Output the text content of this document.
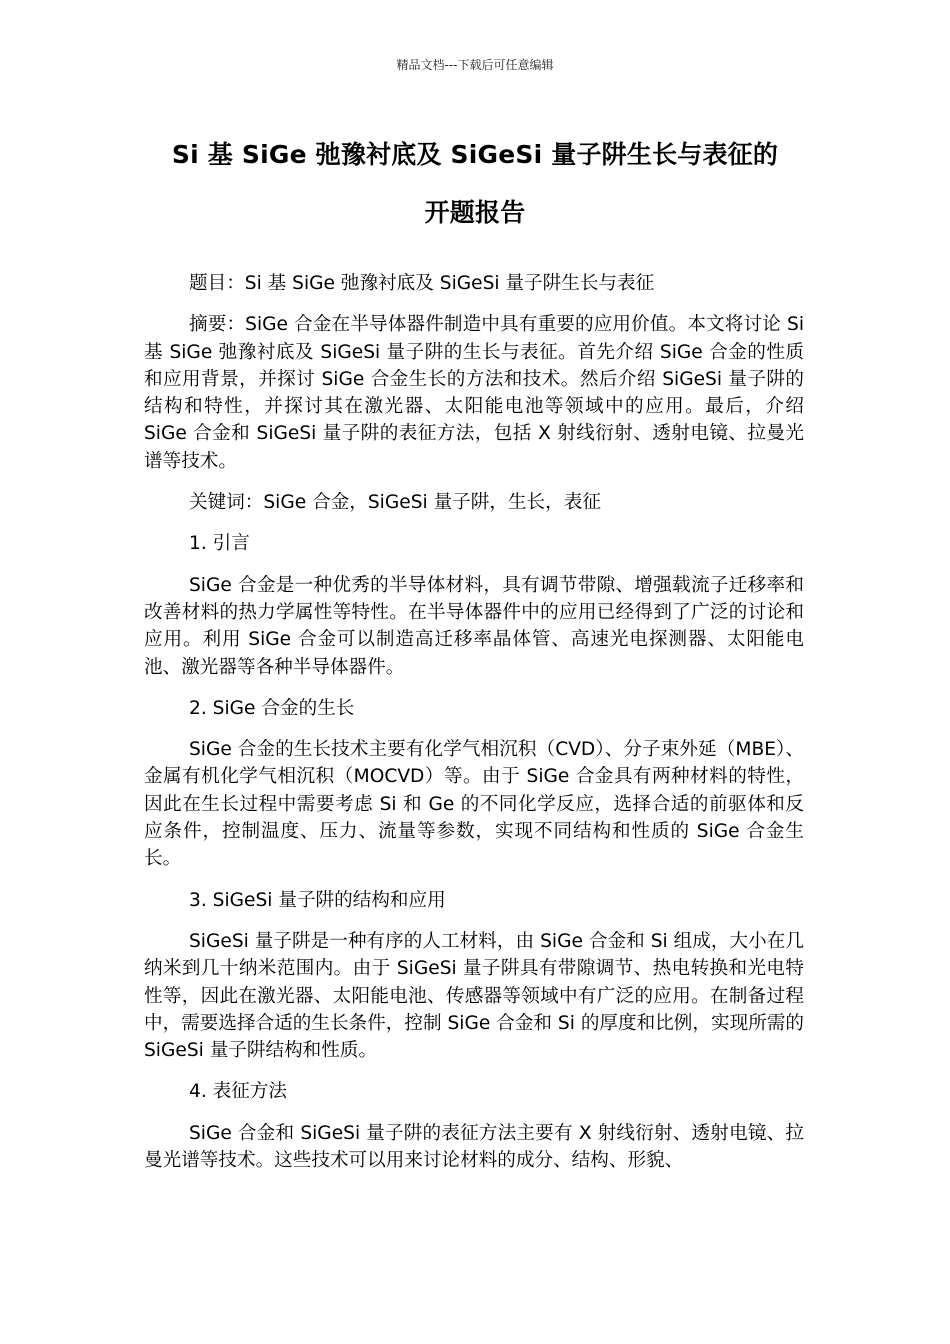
精品文档---下载后可任意编辑
Si 基 SiGe 弛豫衬底及 SiGeSi 量子阱生长与表征的
开题报告

题目：Si 基 SiGe 弛豫衬底及 SiGeSi 量子阱生长与表征

摘要：SiGe 合金在半导体器件制造中具有重要的应用价值。本文将讨论 Si 基 SiGe 弛豫衬底及 SiGeSi 量子阱的生长与表征。首先介绍 SiGe 合金的性质和应用背景，并探讨 SiGe 合金生长的方法和技术。然后介绍 SiGeSi 量子阱的结构和特性，并探讨其在激光器、太阳能电池等领域中的应用。最后，介绍 SiGe 合金和 SiGeSi 量子阱的表征方法，包括 X 射线衍射、透射电镜、拉曼光谱等技术。

关键词：SiGe 合金，SiGeSi 量子阱，生长，表征

1. 引言

SiGe 合金是一种优秀的半导体材料，具有调节带隙、增强载流子迁移率和改善材料的热力学属性等特性。在半导体器件中的应用已经得到了广泛的讨论和应用。利用 SiGe 合金可以制造高迁移率晶体管、高速光电探测器、太阳能电池、激光器等各种半导体器件。

2. SiGe 合金的生长

SiGe 合金的生长技术主要有化学气相沉积（CVD）、分子束外延（MBE）、金属有机化学气相沉积（MOCVD）等。由于 SiGe 合金具有两种材料的特性，因此在生长过程中需要考虑 Si 和 Ge 的不同化学反应，选择合适的前驱体和反应条件，控制温度、压力、流量等参数，实现不同结构和性质的 SiGe 合金生长。

3. SiGeSi 量子阱的结构和应用

SiGeSi 量子阱是一种有序的人工材料，由 SiGe 合金和 Si 组成，大小在几纳米到几十纳米范围内。由于 SiGeSi 量子阱具有带隙调节、热电转换和光电特性等，因此在激光器、太阳能电池、传感器等领域中有广泛的应用。在制备过程中，需要选择合适的生长条件，控制 SiGe 合金和 Si 的厚度和比例，实现所需的 SiGeSi 量子阱结构和性质。

4. 表征方法

SiGe 合金和 SiGeSi 量子阱的表征方法主要有 X 射线衍射、透射电镜、拉曼光谱等技术。这些技术可以用来讨论材料的成分、结构、形貌、
